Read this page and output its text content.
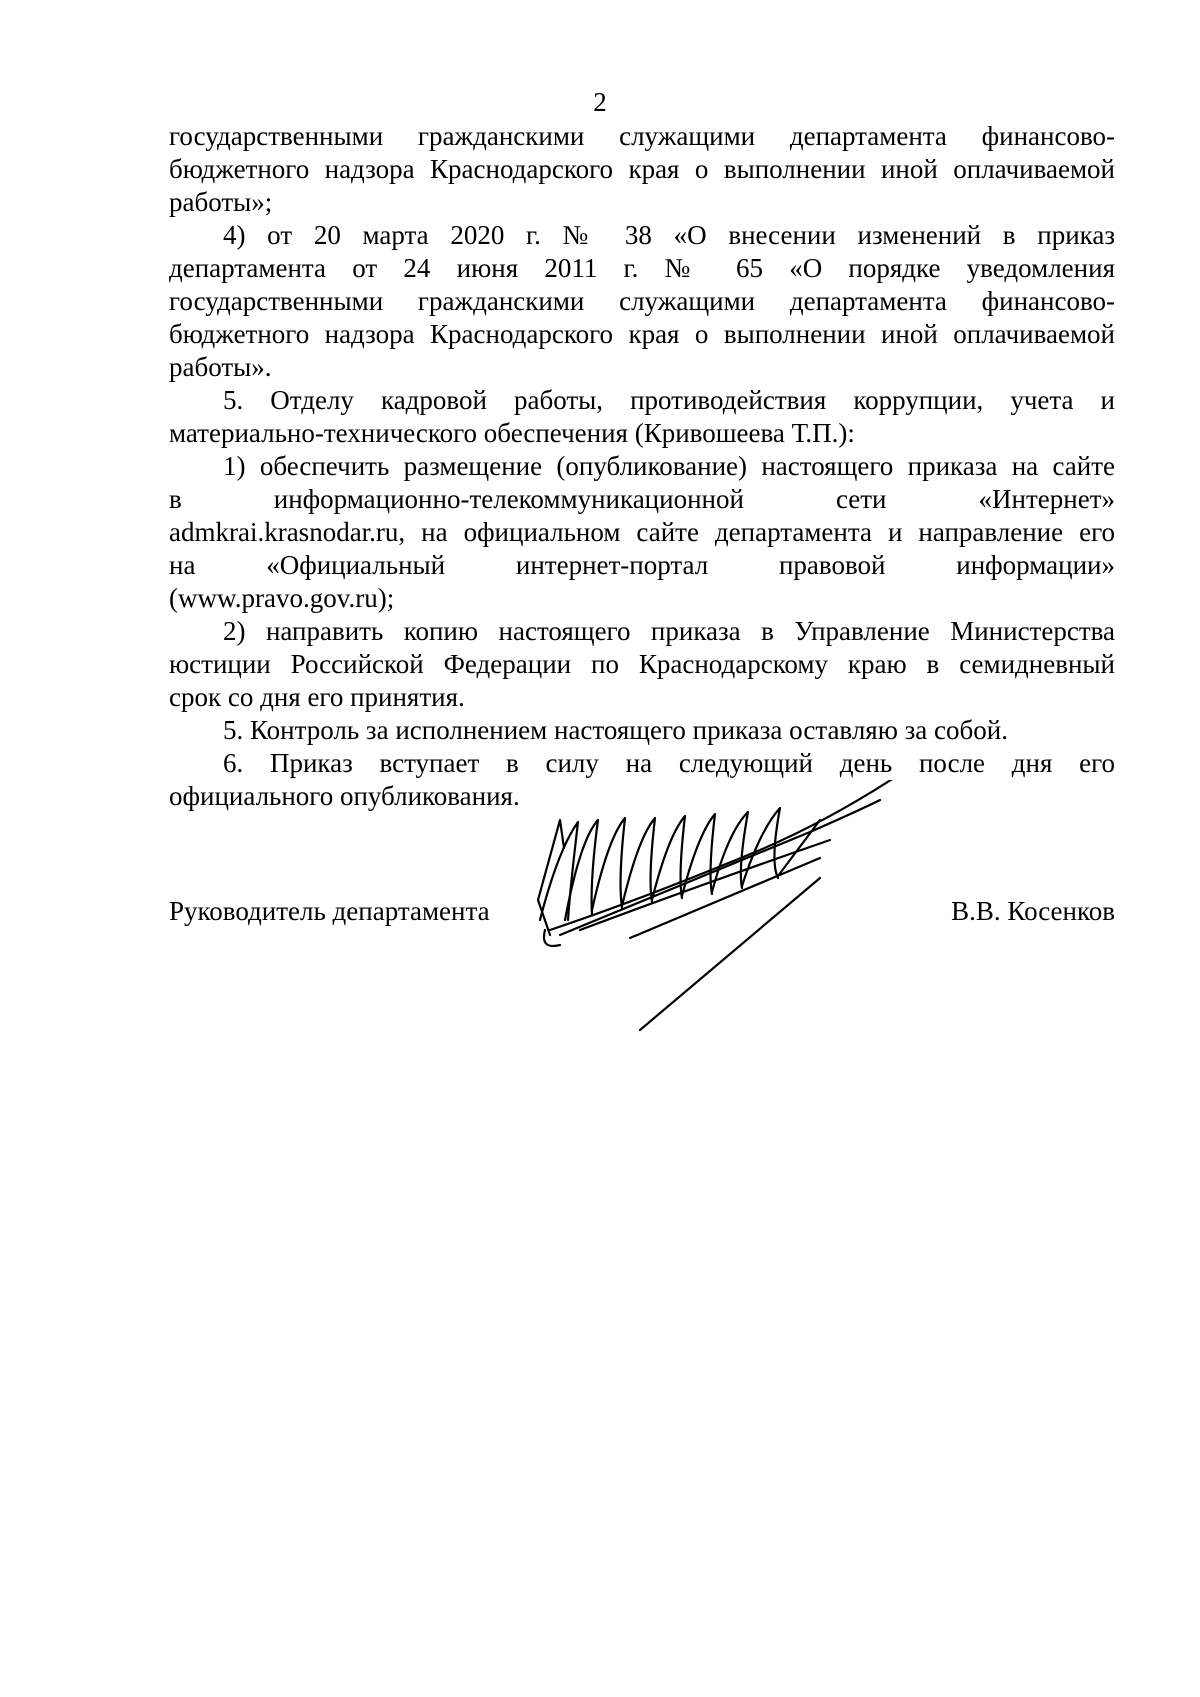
2
государственными гражданскими служащими департамента финансово-
бюджетного надзора Краснодарского края о выполнении иной оплачиваемой
работы»;
4) от 20 марта 2020 г. № 38 «О внесении изменений в приказ
департамента от 24 июня 2011 г. № 65 «О порядке уведомления
государственными гражданскими служащими департамента финансово-
бюджетного надзора Краснодарского края о выполнении иной оплачиваемой
работы».
5. Отделу кадровой работы, противодействия коррупции, учета и
материально-технического обеспечения (Кривошеева Т.П.):
1) обеспечить размещение (опубликование) настоящего приказа на сайте
в информационно-телекоммуникационной сети «Интернет»
admkrai.krasnodar.ru, на официальном сайте департамента и направление его
на «Официальный интернет-портал правовой информации»
(www.pravo.gov.ru);
2) направить копию настоящего приказа в Управление Министерства
юстиции Российской Федерации по Краснодарскому краю в семидневный
срок со дня его принятия.
5. Контроль за исполнением настоящего приказа оставляю за собой.
6. Приказ вступает в силу на следующий день после дня его
официального опубликования.
Руководитель департамента	В.В. Косенков
